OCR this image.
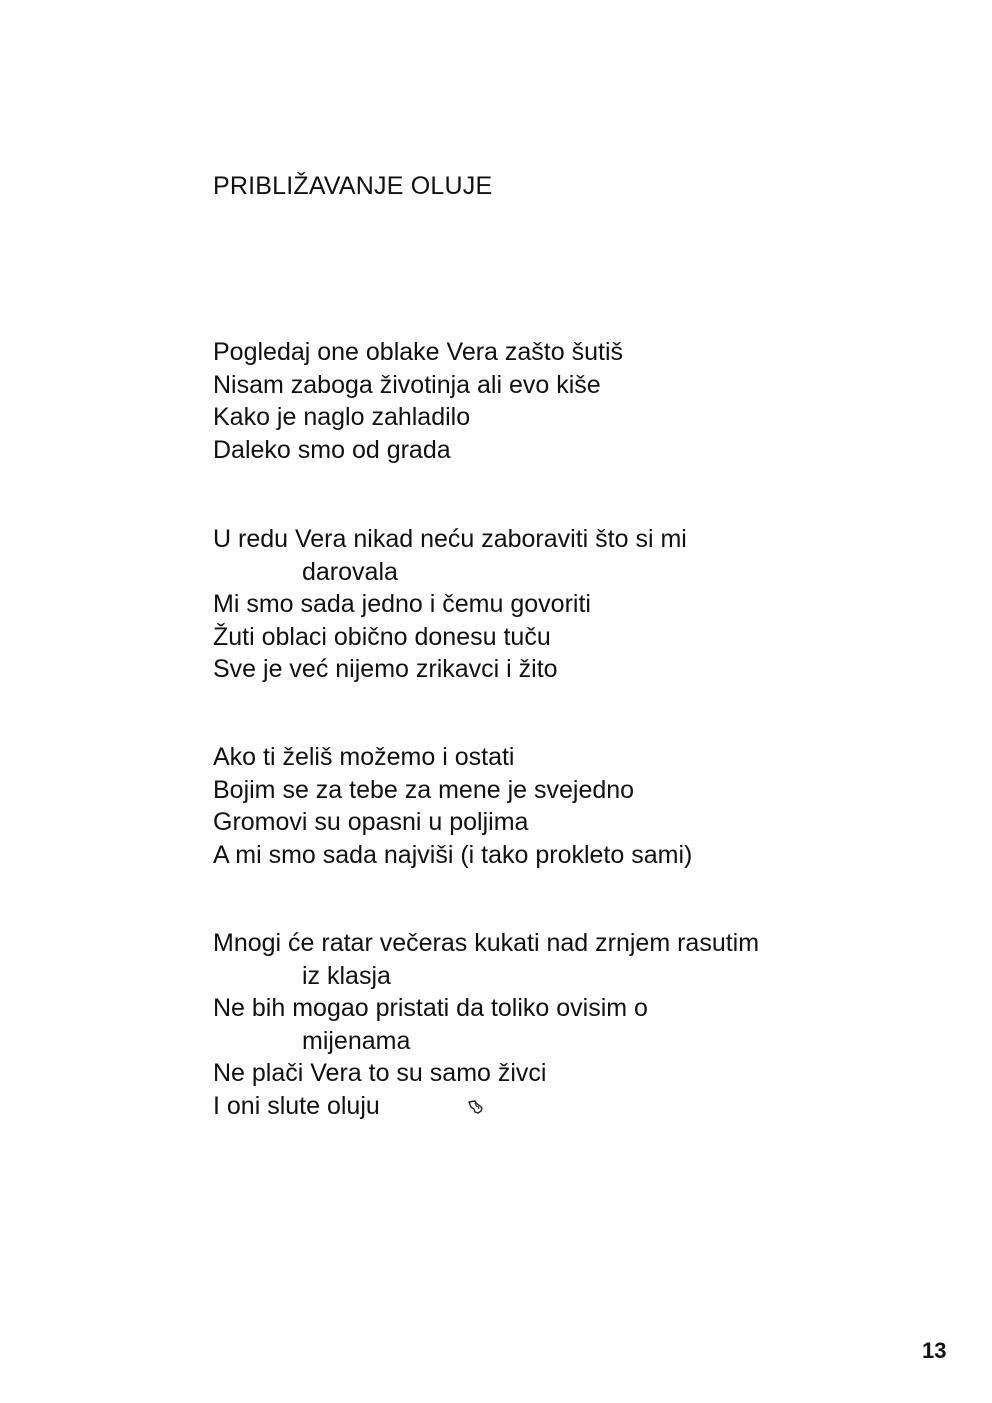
PRIBLIŽAVANJE OLUJE
Pogledaj one oblake Vera zašto šutiš
Nisam zaboga životinja ali evo kiše
Kako je naglo zahladilo
Daleko smo od grada
U redu Vera nikad neću zaboraviti što si mi
darovala
Mi smo sada jedno i čemu govoriti
Žuti oblaci obično donesu tuču
Sve je već nijemo zrikavci i žito
Ako ti želiš možemo i ostati
Bojim se za tebe za mene je svejedno
Gromovi su opasni u poljima
A mi smo sada najviši (i tako prokleto sami)
Mnogi će ratar večeras kukati nad zrnjem rasutim
iz klasja
Ne bih mogao pristati da toliko ovisim o
mijenama
Ne plači Vera to su samo živci
I oni slute oluju
13
